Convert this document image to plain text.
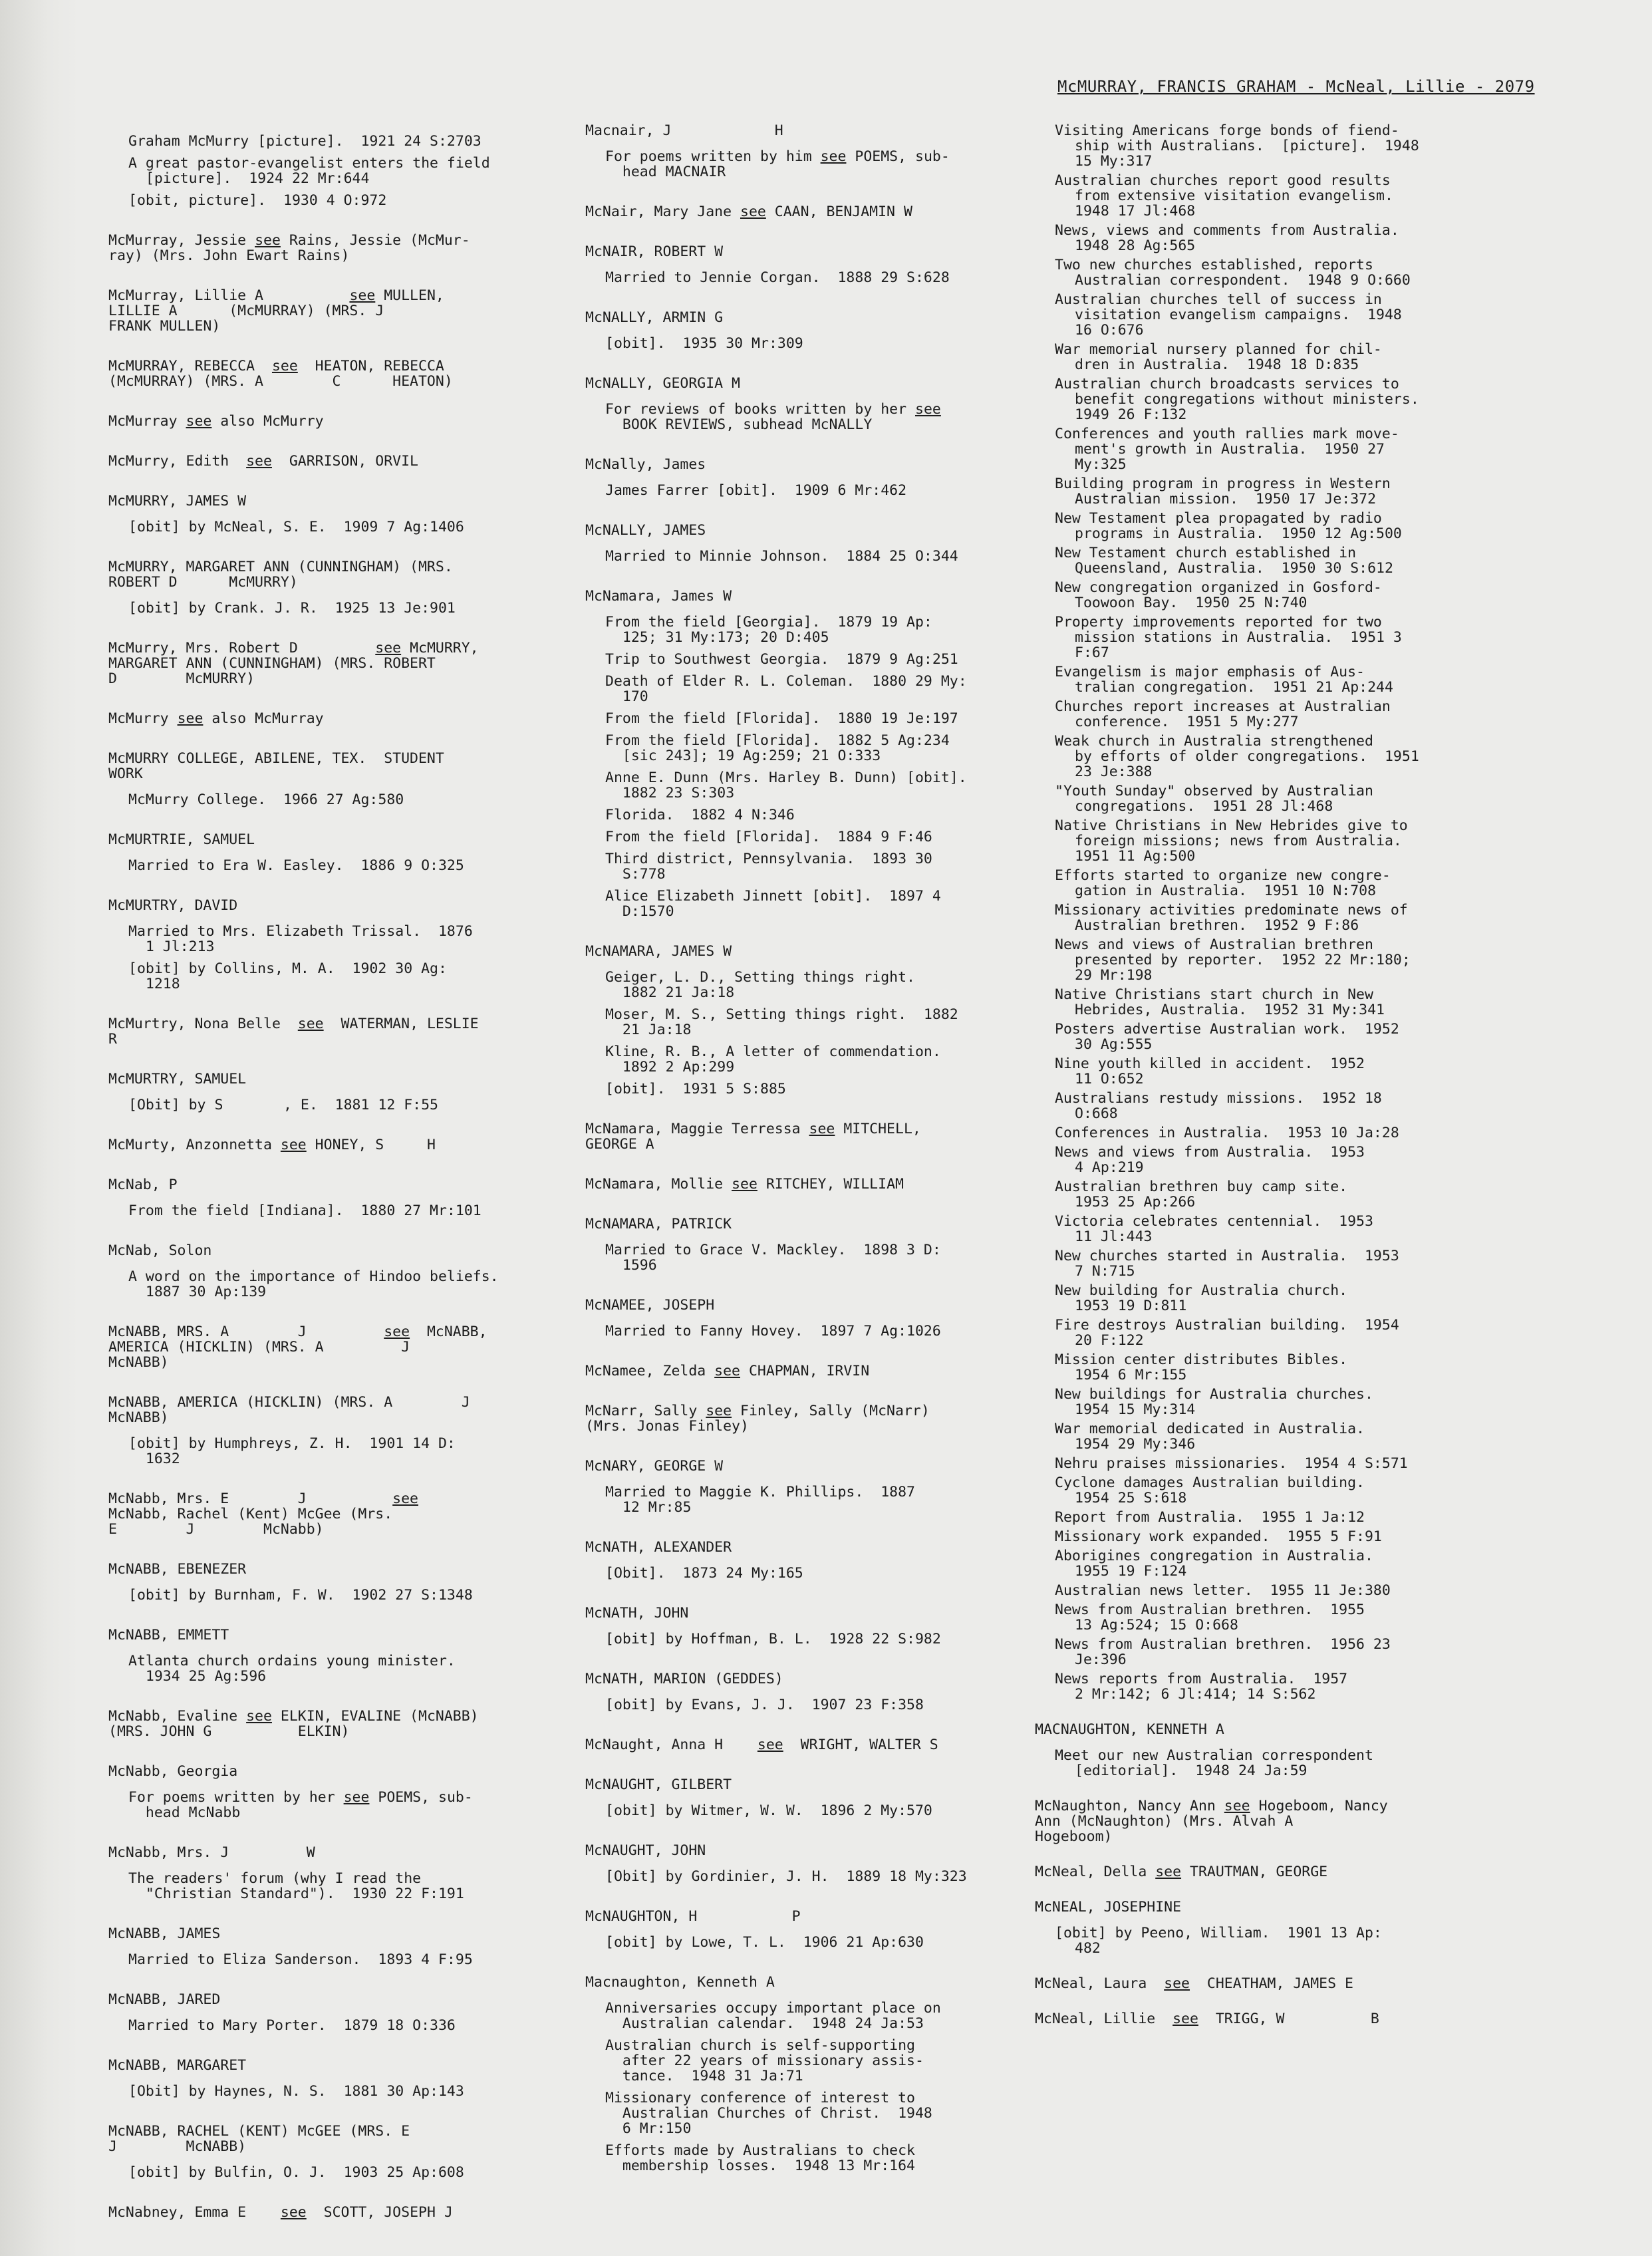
McMURRAY, FRANCIS GRAHAM - McNeal, Lillie - 2079
Graham McMurry [picture].  1921 24 S:2703
A great pastor-evangelist enters the field
[picture].  1924 22 Mr:644
[obit, picture].  1930 4 O:972
McMurray, Jessie see Rains, Jessie (McMur-
ray) (Mrs. John Ewart Rains)
McMurray, Lillie A          see MULLEN,
LILLIE A      (McMURRAY) (MRS. J
FRANK MULLEN)
McMURRAY, REBECCA  see  HEATON, REBECCA
(McMURRAY) (MRS. A        C      HEATON)
McMurray see also McMurry
McMurry, Edith  see  GARRISON, ORVIL
McMURRY, JAMES W
[obit] by McNeal, S. E.  1909 7 Ag:1406
McMURRY, MARGARET ANN (CUNNINGHAM) (MRS.
ROBERT D      McMURRY)
[obit] by Crank. J. R.  1925 13 Je:901
McMurry, Mrs. Robert D         see McMURRY,
MARGARET ANN (CUNNINGHAM) (MRS. ROBERT
D        McMURRY)
McMurry see also McMurray
McMURRY COLLEGE, ABILENE, TEX.  STUDENT
WORK
McMurry College.  1966 27 Ag:580
McMURTRIE, SAMUEL
Married to Era W. Easley.  1886 9 O:325
McMURTRY, DAVID
Married to Mrs. Elizabeth Trissal.  1876
1 Jl:213
[obit] by Collins, M. A.  1902 30 Ag:
1218
McMurtry, Nona Belle  see  WATERMAN, LESLIE
R
McMURTRY, SAMUEL
[Obit] by S       , E.  1881 12 F:55
McMurty, Anzonnetta see HONEY, S     H
McNab, P
From the field [Indiana].  1880 27 Mr:101
McNab, Solon
A word on the importance of Hindoo beliefs.
1887 30 Ap:139
McNABB, MRS. A        J         see  McNABB,
AMERICA (HICKLIN) (MRS. A         J
McNABB)
McNABB, AMERICA (HICKLIN) (MRS. A        J
McNABB)
[obit] by Humphreys, Z. H.  1901 14 D:
1632
McNabb, Mrs. E        J          see
McNabb, Rachel (Kent) McGee (Mrs.
E        J        McNabb)
McNABB, EBENEZER
[obit] by Burnham, F. W.  1902 27 S:1348
McNABB, EMMETT
Atlanta church ordains young minister.
1934 25 Ag:596
McNabb, Evaline see ELKIN, EVALINE (McNABB)
(MRS. JOHN G          ELKIN)
McNabb, Georgia
For poems written by her see POEMS, sub-
head McNabb
McNabb, Mrs. J         W
The readers' forum (why I read the
"Christian Standard").  1930 22 F:191
McNABB, JAMES
Married to Eliza Sanderson.  1893 4 F:95
McNABB, JARED
Married to Mary Porter.  1879 18 O:336
McNABB, MARGARET
[Obit] by Haynes, N. S.  1881 30 Ap:143
McNABB, RACHEL (KENT) McGEE (MRS. E
J        McNABB)
[obit] by Bulfin, O. J.  1903 25 Ap:608
McNabney, Emma E    see  SCOTT, JOSEPH J
Macnair, J            H
For poems written by him see POEMS, sub-
head MACNAIR
McNair, Mary Jane see CAAN, BENJAMIN W
McNAIR, ROBERT W
Married to Jennie Corgan.  1888 29 S:628
McNALLY, ARMIN G
[obit].  1935 30 Mr:309
McNALLY, GEORGIA M
For reviews of books written by her see
BOOK REVIEWS, subhead McNALLY
McNally, James
James Farrer [obit].  1909 6 Mr:462
McNALLY, JAMES
Married to Minnie Johnson.  1884 25 O:344
McNamara, James W
From the field [Georgia].  1879 19 Ap:
125; 31 My:173; 20 D:405
Trip to Southwest Georgia.  1879 9 Ag:251
Death of Elder R. L. Coleman.  1880 29 My:
170
From the field [Florida].  1880 19 Je:197
From the field [Florida].  1882 5 Ag:234
[sic 243]; 19 Ag:259; 21 O:333
Anne E. Dunn (Mrs. Harley B. Dunn) [obit].
1882 23 S:303
Florida.  1882 4 N:346
From the field [Florida].  1884 9 F:46
Third district, Pennsylvania.  1893 30
S:778
Alice Elizabeth Jinnett [obit].  1897 4
D:1570
McNAMARA, JAMES W
Geiger, L. D., Setting things right.
1882 21 Ja:18
Moser, M. S., Setting things right.  1882
21 Ja:18
Kline, R. B., A letter of commendation.
1892 2 Ap:299
[obit].  1931 5 S:885
McNamara, Maggie Terressa see MITCHELL,
GEORGE A
McNamara, Mollie see RITCHEY, WILLIAM
McNAMARA, PATRICK
Married to Grace V. Mackley.  1898 3 D:
1596
McNAMEE, JOSEPH
Married to Fanny Hovey.  1897 7 Ag:1026
McNamee, Zelda see CHAPMAN, IRVIN
McNarr, Sally see Finley, Sally (McNarr)
(Mrs. Jonas Finley)
McNARY, GEORGE W
Married to Maggie K. Phillips.  1887
12 Mr:85
McNATH, ALEXANDER
[Obit].  1873 24 My:165
McNATH, JOHN
[obit] by Hoffman, B. L.  1928 22 S:982
McNATH, MARION (GEDDES)
[obit] by Evans, J. J.  1907 23 F:358
McNaught, Anna H    see  WRIGHT, WALTER S
McNAUGHT, GILBERT
[obit] by Witmer, W. W.  1896 2 My:570
McNAUGHT, JOHN
[Obit] by Gordinier, J. H.  1889 18 My:323
McNAUGHTON, H           P
[obit] by Lowe, T. L.  1906 21 Ap:630
Macnaughton, Kenneth A
Anniversaries occupy important place on
Australian calendar.  1948 24 Ja:53
Australian church is self-supporting
after 22 years of missionary assis-
tance.  1948 31 Ja:71
Missionary conference of interest to
Australian Churches of Christ.  1948
6 Mr:150
Efforts made by Australians to check
membership losses.  1948 13 Mr:164
Visiting Americans forge bonds of fiend-
ship with Australians.  [picture].  1948
15 My:317
Australian churches report good results
from extensive visitation evangelism.
1948 17 Jl:468
News, views and comments from Australia.
1948 28 Ag:565
Two new churches established, reports
Australian correspondent.  1948 9 O:660
Australian churches tell of success in
visitation evangelism campaigns.  1948
16 O:676
War memorial nursery planned for chil-
dren in Australia.  1948 18 D:835
Australian church broadcasts services to
benefit congregations without ministers.
1949 26 F:132
Conferences and youth rallies mark move-
ment's growth in Australia.  1950 27
My:325
Building program in progress in Western
Australian mission.  1950 17 Je:372
New Testament plea propagated by radio
programs in Australia.  1950 12 Ag:500
New Testament church established in
Queensland, Australia.  1950 30 S:612
New congregation organized in Gosford-
Toowoon Bay.  1950 25 N:740
Property improvements reported for two
mission stations in Australia.  1951 3
F:67
Evangelism is major emphasis of Aus-
tralian congregation.  1951 21 Ap:244
Churches report increases at Australian
conference.  1951 5 My:277
Weak church in Australia strengthened
by efforts of older congregations.  1951
23 Je:388
"Youth Sunday" observed by Australian
congregations.  1951 28 Jl:468
Native Christians in New Hebrides give to
foreign missions; news from Australia.
1951 11 Ag:500
Efforts started to organize new congre-
gation in Australia.  1951 10 N:708
Missionary activities predominate news of
Australian brethren.  1952 9 F:86
News and views of Australian brethren
presented by reporter.  1952 22 Mr:180;
29 Mr:198
Native Christians start church in New
Hebrides, Australia.  1952 31 My:341
Posters advertise Australian work.  1952
30 Ag:555
Nine youth killed in accident.  1952
11 O:652
Australians restudy missions.  1952 18
O:668
Conferences in Australia.  1953 10 Ja:28
News and views from Australia.  1953
4 Ap:219
Australian brethren buy camp site.
1953 25 Ap:266
Victoria celebrates centennial.  1953
11 Jl:443
New churches started in Australia.  1953
7 N:715
New building for Australia church.
1953 19 D:811
Fire destroys Australian building.  1954
20 F:122
Mission center distributes Bibles.
1954 6 Mr:155
New buildings for Australia churches.
1954 15 My:314
War memorial dedicated in Australia.
1954 29 My:346
Nehru praises missionaries.  1954 4 S:571
Cyclone damages Australian building.
1954 25 S:618
Report from Australia.  1955 1 Ja:12
Missionary work expanded.  1955 5 F:91
Aborigines congregation in Australia.
1955 19 F:124
Australian news letter.  1955 11 Je:380
News from Australian brethren.  1955
13 Ag:524; 15 O:668
News from Australian brethren.  1956 23
Je:396
News reports from Australia.  1957
2 Mr:142; 6 Jl:414; 14 S:562
MACNAUGHTON, KENNETH A
Meet our new Australian correspondent
[editorial].  1948 24 Ja:59
McNaughton, Nancy Ann see Hogeboom, Nancy
Ann (McNaughton) (Mrs. Alvah A
Hogeboom)
McNeal, Della see TRAUTMAN, GEORGE
McNEAL, JOSEPHINE
[obit] by Peeno, William.  1901 13 Ap:
482
McNeal, Laura  see  CHEATHAM, JAMES E
McNeal, Lillie  see  TRIGG, W          B
